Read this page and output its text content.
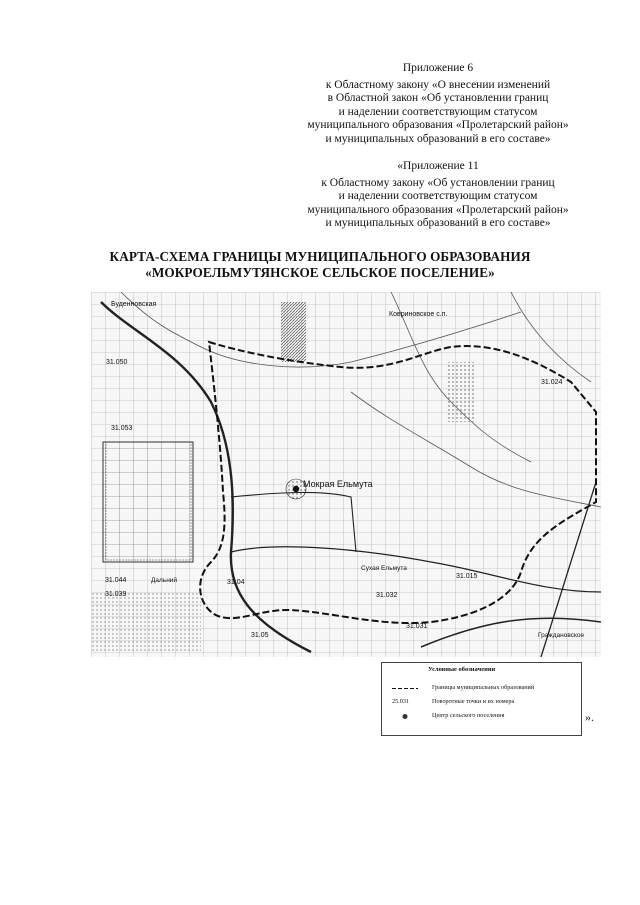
Приложение 6
к Областному закону «О внесении изменений
в Областной закон «Об установлении границ
и наделении соответствующим статусом
муниципального образования «Пролетарский район»
и муниципальных образований в его составе»
«Приложение 11
к Областному закону «Об установлении границ
и наделении соответствующим статусом
муниципального образования «Пролетарский район»
и муниципальных образований в его составе»
КАРТА-СХЕМА ГРАНИЦЫ МУНИЦИПАЛЬНОГО ОБРАЗОВАНИЯ
«МОКРОЕЛЬМУТЯНСКОЕ СЕЛЬСКОЕ ПОСЕЛЕНИЕ»
Буденновская
Ковриновское с.п.
Мокрая Ельмута
Сухая Ельмута
Дальний
Граждановское
31.053
31.044
31.039	31.032
31.031
31.015
31.024
31.050
31.05
31.04
Условные обозначения
Границы муниципальных образований
25.031	Поворотные точки и их номера
Центр сельского поселения	».
